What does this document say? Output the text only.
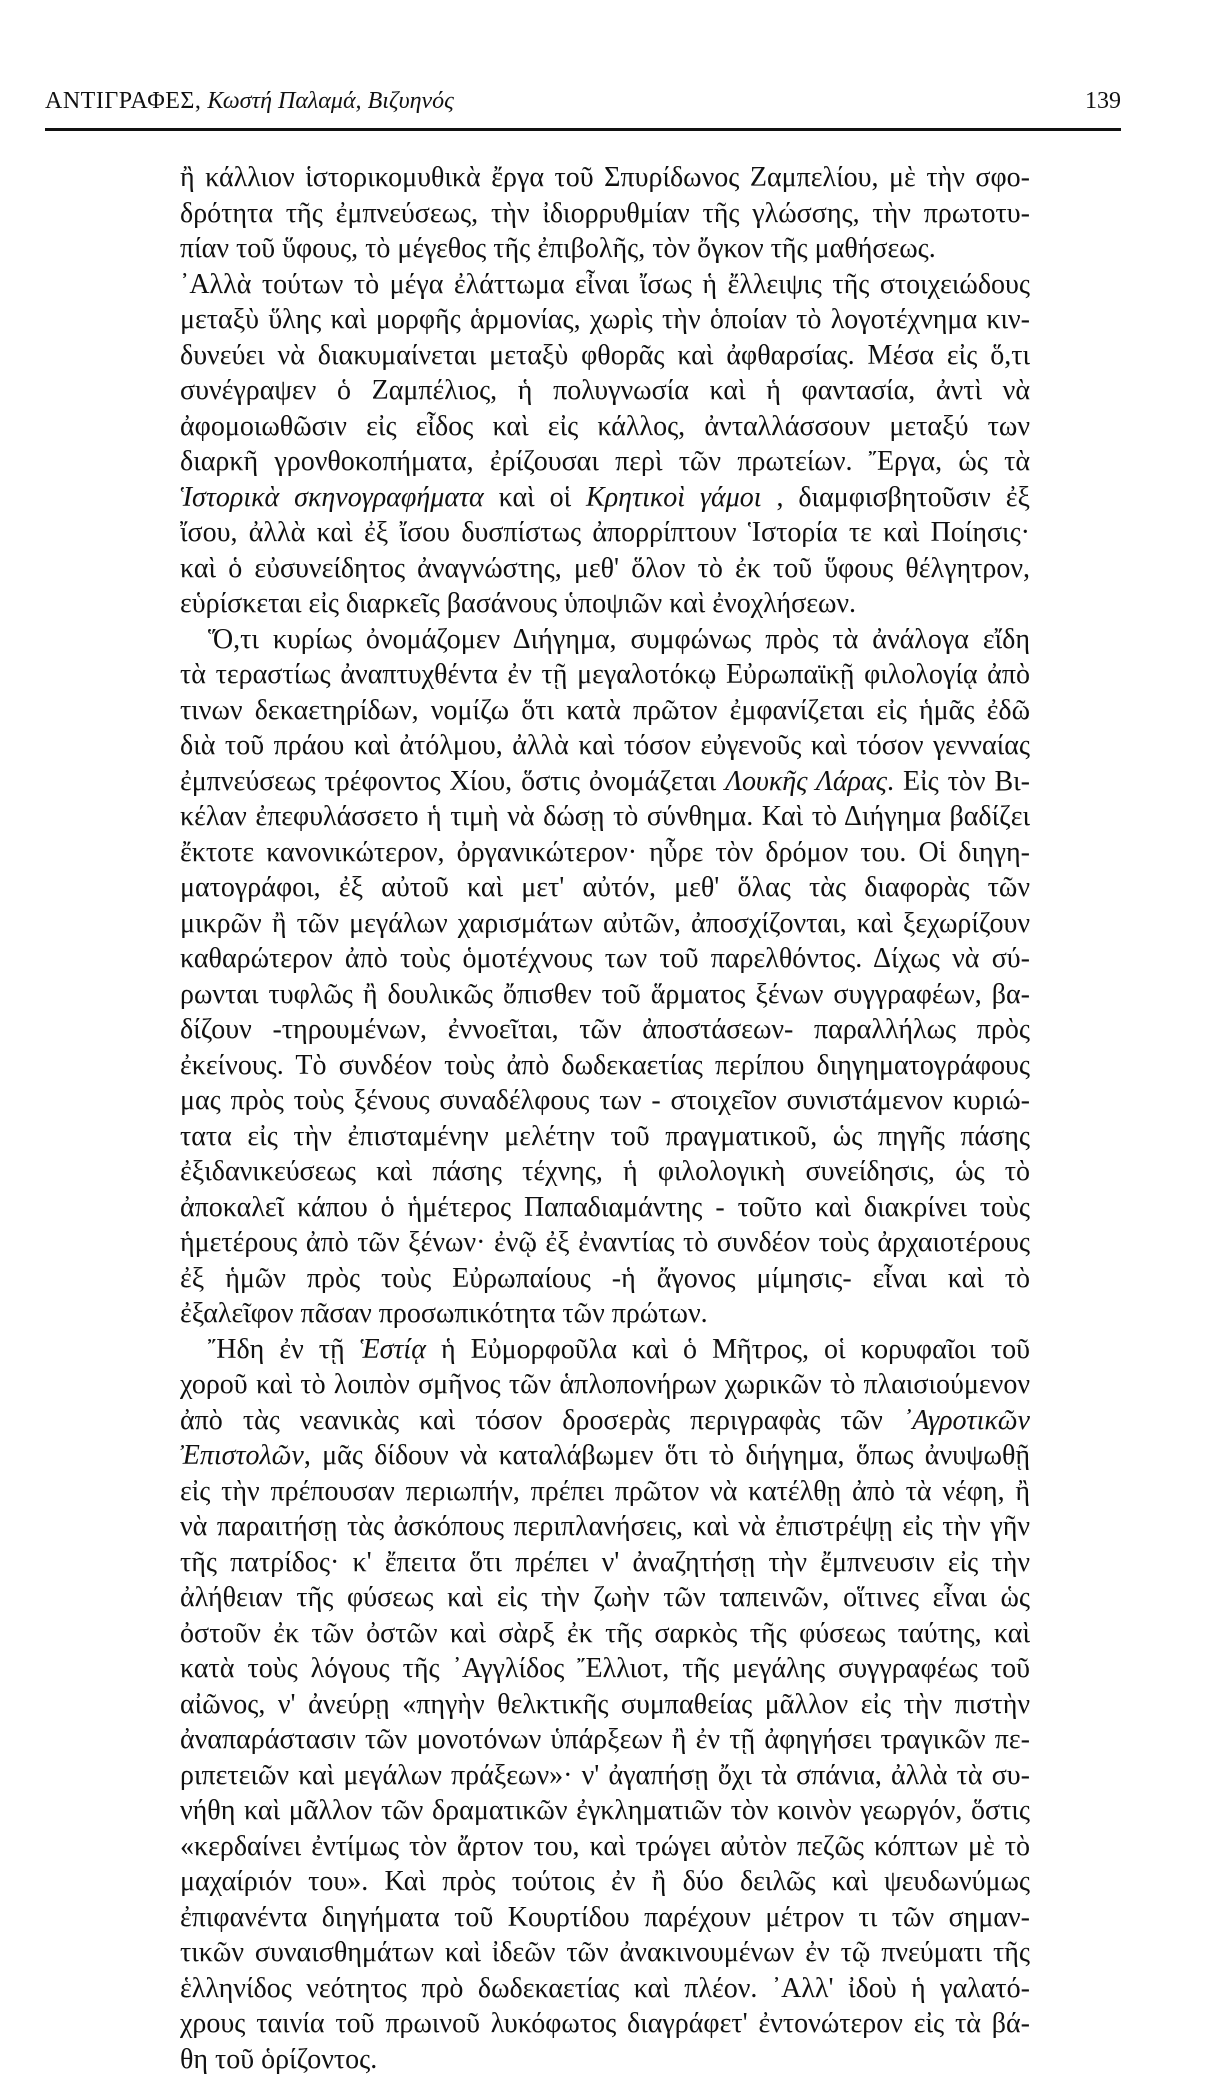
ΑΝΤΙΓΡΑΦΕΣ, Κωστή Παλαμά, Βιζυηνός	139
ἢ κάλλιον ἱστορικομυθικὰ ἔργα τοῦ Σπυρίδωνος Ζαμπελίου, μὲ τὴν σφο-
δρότητα τῆς ἐμπνεύσεως, τὴν ἰδιορρυθμίαν τῆς γλώσσης, τὴν πρωτοτυ-
πίαν τοῦ ὕφους, τὸ μέγεθος τῆς ἐπιβολῆς, τὸν ὄγκον τῆς μαθήσεως.
᾿Αλλὰ τούτων τὸ μέγα ἐλάττωμα εἶναι ἴσως ἡ ἔλλειψις τῆς στοιχειώδους
μεταξὺ ὕλης καὶ μορφῆς ἁρμονίας, χωρὶς τὴν ὁποίαν τὸ λογοτέχνημα κιν-
δυνεύει νὰ διακυμαίνεται μεταξὺ φθορᾶς καὶ ἀφθαρσίας. Μέσα εἰς ὅ,τι
συνέγραψεν ὁ Ζαμπέλιος, ἡ πολυγνωσία καὶ ἡ φαντασία, ἀντὶ νὰ
ἀφομοιωθῶσιν εἰς εἶδος καὶ εἰς κάλλος, ἀνταλλάσσουν μεταξύ των
διαρκῆ γρονθοκοπήματα, ἐρίζουσαι περὶ τῶν πρωτείων. Ἔργα, ὡς τὰ
Ἱστορικὰ σκηνογραφήματα καὶ οἱ Κρητικοὶ γάμοι , διαμφισβητοῦσιν ἐξ
ἴσου, ἀλλὰ καὶ ἐξ ἴσου δυσπίστως ἀπορρίπτουν Ἱστορία τε καὶ Ποίησις·
καὶ ὁ εὐσυνείδητος ἀναγνώστης, μεθ' ὅλον τὸ ἐκ τοῦ ὕφους θέλγητρον,
εὑρίσκεται εἰς διαρκεῖς βασάνους ὑποψιῶν καὶ ἐνοχλήσεων.
Ὅ,τι κυρίως ὀνομάζομεν Διήγημα, συμφώνως πρὸς τὰ ἀνάλογα εἴδη
τὰ τεραστίως ἀναπτυχθέντα ἐν τῇ μεγαλοτόκῳ Εὐρωπαϊκῇ φιλολογίᾳ ἀπὸ
τινων δεκαετηρίδων, νομίζω ὅτι κατὰ πρῶτον ἐμφανίζεται εἰς ἡμᾶς ἐδῶ
διὰ τοῦ πράου καὶ ἀτόλμου, ἀλλὰ καὶ τόσον εὐγενοῦς καὶ τόσον γενναίας
ἐμπνεύσεως τρέφοντος Χίου, ὅστις ὀνομάζεται Λουκῆς Λάρας. Εἰς τὸν Βι-
κέλαν ἐπεφυλάσσετο ἡ τιμὴ νὰ δώσῃ τὸ σύνθημα. Καὶ τὸ Διήγημα βαδίζει
ἔκτοτε κανονικώτερον, ὀργανικώτερον· ηὗρε τὸν δρόμον του. Οἱ διηγη-
ματογράφοι, ἐξ αὐτοῦ καὶ μετ' αὐτόν, μεθ' ὅλας τὰς διαφορὰς τῶν
μικρῶν ἢ τῶν μεγάλων χαρισμάτων αὐτῶν, ἀποσχίζονται, καὶ ξεχωρίζουν
καθαρώτερον ἀπὸ τοὺς ὁμοτέχνους των τοῦ παρελθόντος. Δίχως νὰ σύ-
ρωνται τυφλῶς ἢ δουλικῶς ὄπισθεν τοῦ ἅρματος ξένων συγγραφέων, βα-
δίζουν -τηρουμένων, ἐννοεῖται, τῶν ἀποστάσεων- παραλλήλως πρὸς
ἐκείνους. Τὸ συνδέον τοὺς ἀπὸ δωδεκαετίας περίπου διηγηματογράφους
μας πρὸς τοὺς ξένους συναδέλφους των - στοιχεῖον συνιστάμενον κυριώ-
τατα εἰς τὴν ἐπισταμένην μελέτην τοῦ πραγματικοῦ, ὡς πηγῆς πάσης
ἐξιδανικεύσεως καὶ πάσης τέχνης, ἡ φιλολογικὴ συνείδησις, ὡς τὸ
ἀποκαλεῖ κάπου ὁ ἡμέτερος Παπαδιαμάντης - τοῦτο καὶ διακρίνει τοὺς
ἡμετέρους ἀπὸ τῶν ξένων· ἐνῷ ἐξ ἐναντίας τὸ συνδέον τοὺς ἀρχαιοτέρους
ἐξ ἡμῶν πρὸς τοὺς Εὐρωπαίους -ἡ ἄγονος μίμησις- εἶναι καὶ τὸ
ἐξαλεῖφον πᾶσαν προσωπικότητα τῶν πρώτων.
Ἤδη ἐν τῇ Ἑστίᾳ ἡ Εὐμορφοῦλα καὶ ὁ Μῆτρος, οἱ κορυφαῖοι τοῦ
χοροῦ καὶ τὸ λοιπὸν σμῆνος τῶν ἁπλοπονήρων χωρικῶν τὸ πλαισιούμενον
ἀπὸ τὰς νεανικὰς καὶ τόσον δροσερὰς περιγραφὰς τῶν ᾿Αγροτικῶν
Ἐπιστολῶν, μᾶς δίδουν νὰ καταλάβωμεν ὅτι τὸ διήγημα, ὅπως ἀνυψωθῇ
εἰς τὴν πρέπουσαν περιωπήν, πρέπει πρῶτον νὰ κατέλθῃ ἀπὸ τὰ νέφη, ἢ
νὰ παραιτήσῃ τὰς ἀσκόπους περιπλανήσεις, καὶ νὰ ἐπιστρέψῃ εἰς τὴν γῆν
τῆς πατρίδος· κ' ἔπειτα ὅτι πρέπει ν' ἀναζητήσῃ τὴν ἔμπνευσιν εἰς τὴν
ἀλήθειαν τῆς φύσεως καὶ εἰς τὴν ζωὴν τῶν ταπεινῶν, οἵτινες εἶναι ὡς
ὀστοῦν ἐκ τῶν ὀστῶν καὶ σὰρξ ἐκ τῆς σαρκὸς τῆς φύσεως ταύτης, καὶ
κατὰ τοὺς λόγους τῆς ᾿Αγγλίδος Ἔλλιοτ, τῆς μεγάλης συγγραφέως τοῦ
αἰῶνος, ν' ἀνεύρῃ «πηγὴν θελκτικῆς συμπαθείας μᾶλλον εἰς τὴν πιστὴν
ἀναπαράστασιν τῶν μονοτόνων ὑπάρξεων ἢ ἐν τῇ ἀφηγήσει τραγικῶν πε-
ριπετειῶν καὶ μεγάλων πράξεων»· ν' ἀγαπήσῃ ὄχι τὰ σπάνια, ἀλλὰ τὰ συ-
νήθη καὶ μᾶλλον τῶν δραματικῶν ἐγκληματιῶν τὸν κοινὸν γεωργόν, ὅστις
«κερδαίνει ἐντίμως τὸν ἄρτον του, καὶ τρώγει αὐτὸν πεζῶς κόπτων μὲ τὸ
μαχαίριόν του». Καὶ πρὸς τούτοις ἐν ἢ δύο δειλῶς καὶ ψευδωνύμως
ἐπιφανέντα διηγήματα τοῦ Κουρτίδου παρέχουν μέτρον τι τῶν σημαν-
τικῶν συναισθημάτων καὶ ἰδεῶν τῶν ἀνακινουμένων ἐν τῷ πνεύματι τῆς
ἑλληνίδος νεότητος πρὸ δωδεκαετίας καὶ πλέον. ᾿Αλλ' ἰδοὺ ἡ γαλατό-
χρους ταινία τοῦ πρωινοῦ λυκόφωτος διαγράφετ' ἐντονώτερον εἰς τὰ βά-
θη τοῦ ὁρίζοντος.
